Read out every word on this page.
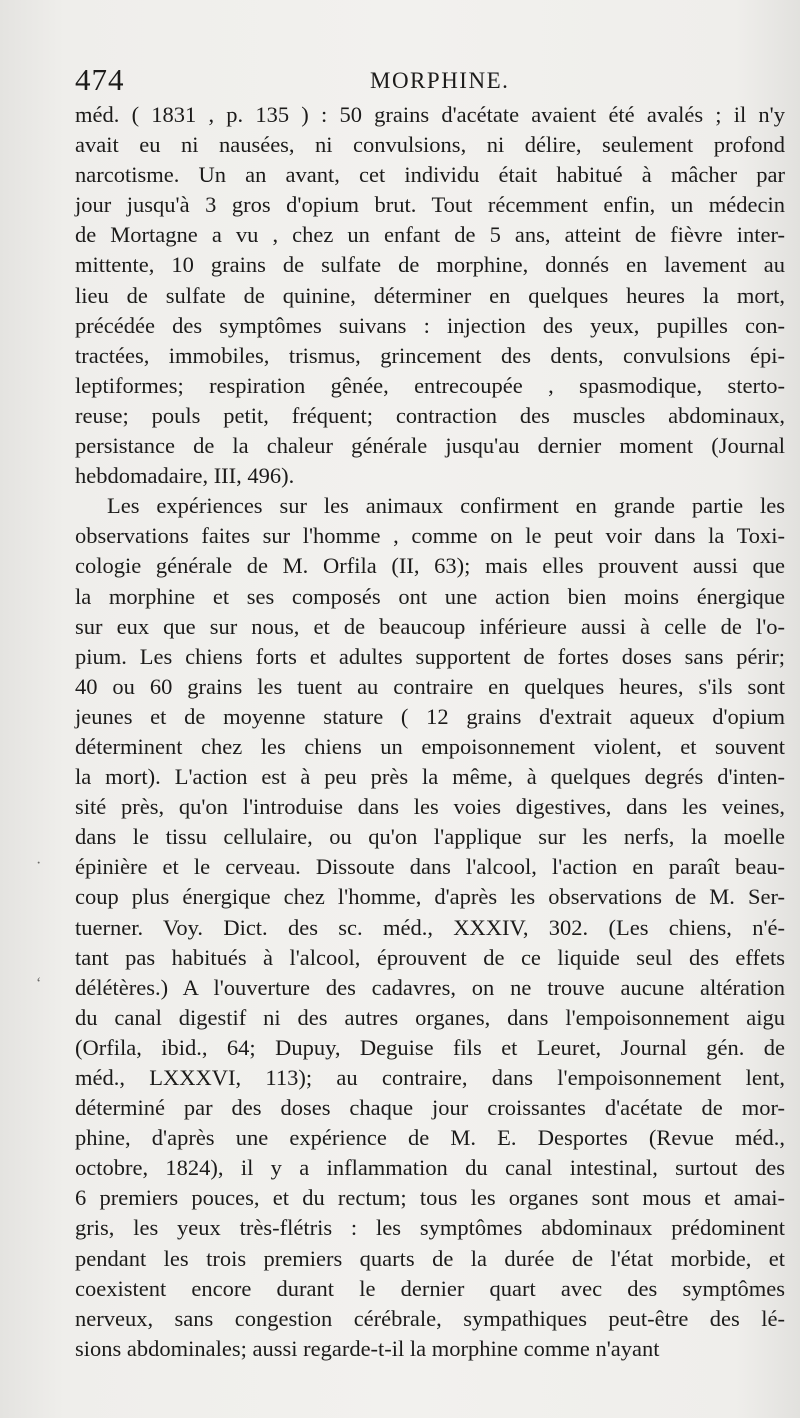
474	MORPHINE.
·
‘
méd. ( 1831 , p. 135 ) : 50 grains d'acétate avaient été avalés ; il n'y
avait eu ni nausées, ni convulsions, ni délire, seulement profond
narcotisme. Un an avant, cet individu était habitué à mâcher par
jour jusqu'à 3 gros d'opium brut. Tout récemment enfin, un médecin
de Mortagne a vu , chez un enfant de 5 ans, atteint de fièvre inter-
mittente, 10 grains de sulfate de morphine, donnés en lavement au
lieu de sulfate de quinine, déterminer en quelques heures la mort,
précédée des symptômes suivans : injection des yeux, pupilles con-
tractées, immobiles, trismus, grincement des dents, convulsions épi-
leptiformes; respiration gênée, entrecoupée , spasmodique, sterto-
reuse; pouls petit, fréquent; contraction des muscles abdominaux,
persistance de la chaleur générale jusqu'au dernier moment (Journal
hebdomadaire, III, 496).
Les expériences sur les animaux confirment en grande partie les
observations faites sur l'homme , comme on le peut voir dans la Toxi-
cologie générale de M. Orfila (II, 63); mais elles prouvent aussi que
la morphine et ses composés ont une action bien moins énergique
sur eux que sur nous, et de beaucoup inférieure aussi à celle de l'o-
pium. Les chiens forts et adultes supportent de fortes doses sans périr;
40 ou 60 grains les tuent au contraire en quelques heures, s'ils sont
jeunes et de moyenne stature ( 12 grains d'extrait aqueux d'opium
déterminent chez les chiens un empoisonnement violent, et souvent
la mort). L'action est à peu près la même, à quelques degrés d'inten-
sité près, qu'on l'introduise dans les voies digestives, dans les veines,
dans le tissu cellulaire, ou qu'on l'applique sur les nerfs, la moelle
épinière et le cerveau. Dissoute dans l'alcool, l'action en paraît beau-
coup plus énergique chez l'homme, d'après les observations de M. Ser-
tuerner. Voy. Dict. des sc. méd., XXXIV, 302. (Les chiens, n'é-
tant pas habitués à l'alcool, éprouvent de ce liquide seul des effets
délétères.) A l'ouverture des cadavres, on ne trouve aucune altération
du canal digestif ni des autres organes, dans l'empoisonnement aigu
(Orfila, ibid., 64; Dupuy, Deguise fils et Leuret, Journal gén. de
méd., LXXXVI, 113); au contraire, dans l'empoisonnement lent,
déterminé par des doses chaque jour croissantes d'acétate de mor-
phine, d'après une expérience de M. E. Desportes (Revue méd.,
octobre, 1824), il y a inflammation du canal intestinal, surtout des
6 premiers pouces, et du rectum; tous les organes sont mous et amai-
gris, les yeux très-flétris : les symptômes abdominaux prédominent
pendant les trois premiers quarts de la durée de l'état morbide, et
coexistent encore durant le dernier quart avec des symptômes
nerveux, sans congestion cérébrale, sympathiques peut-être des lé-
sions abdominales; aussi regarde-t-il la morphine comme n'ayant
